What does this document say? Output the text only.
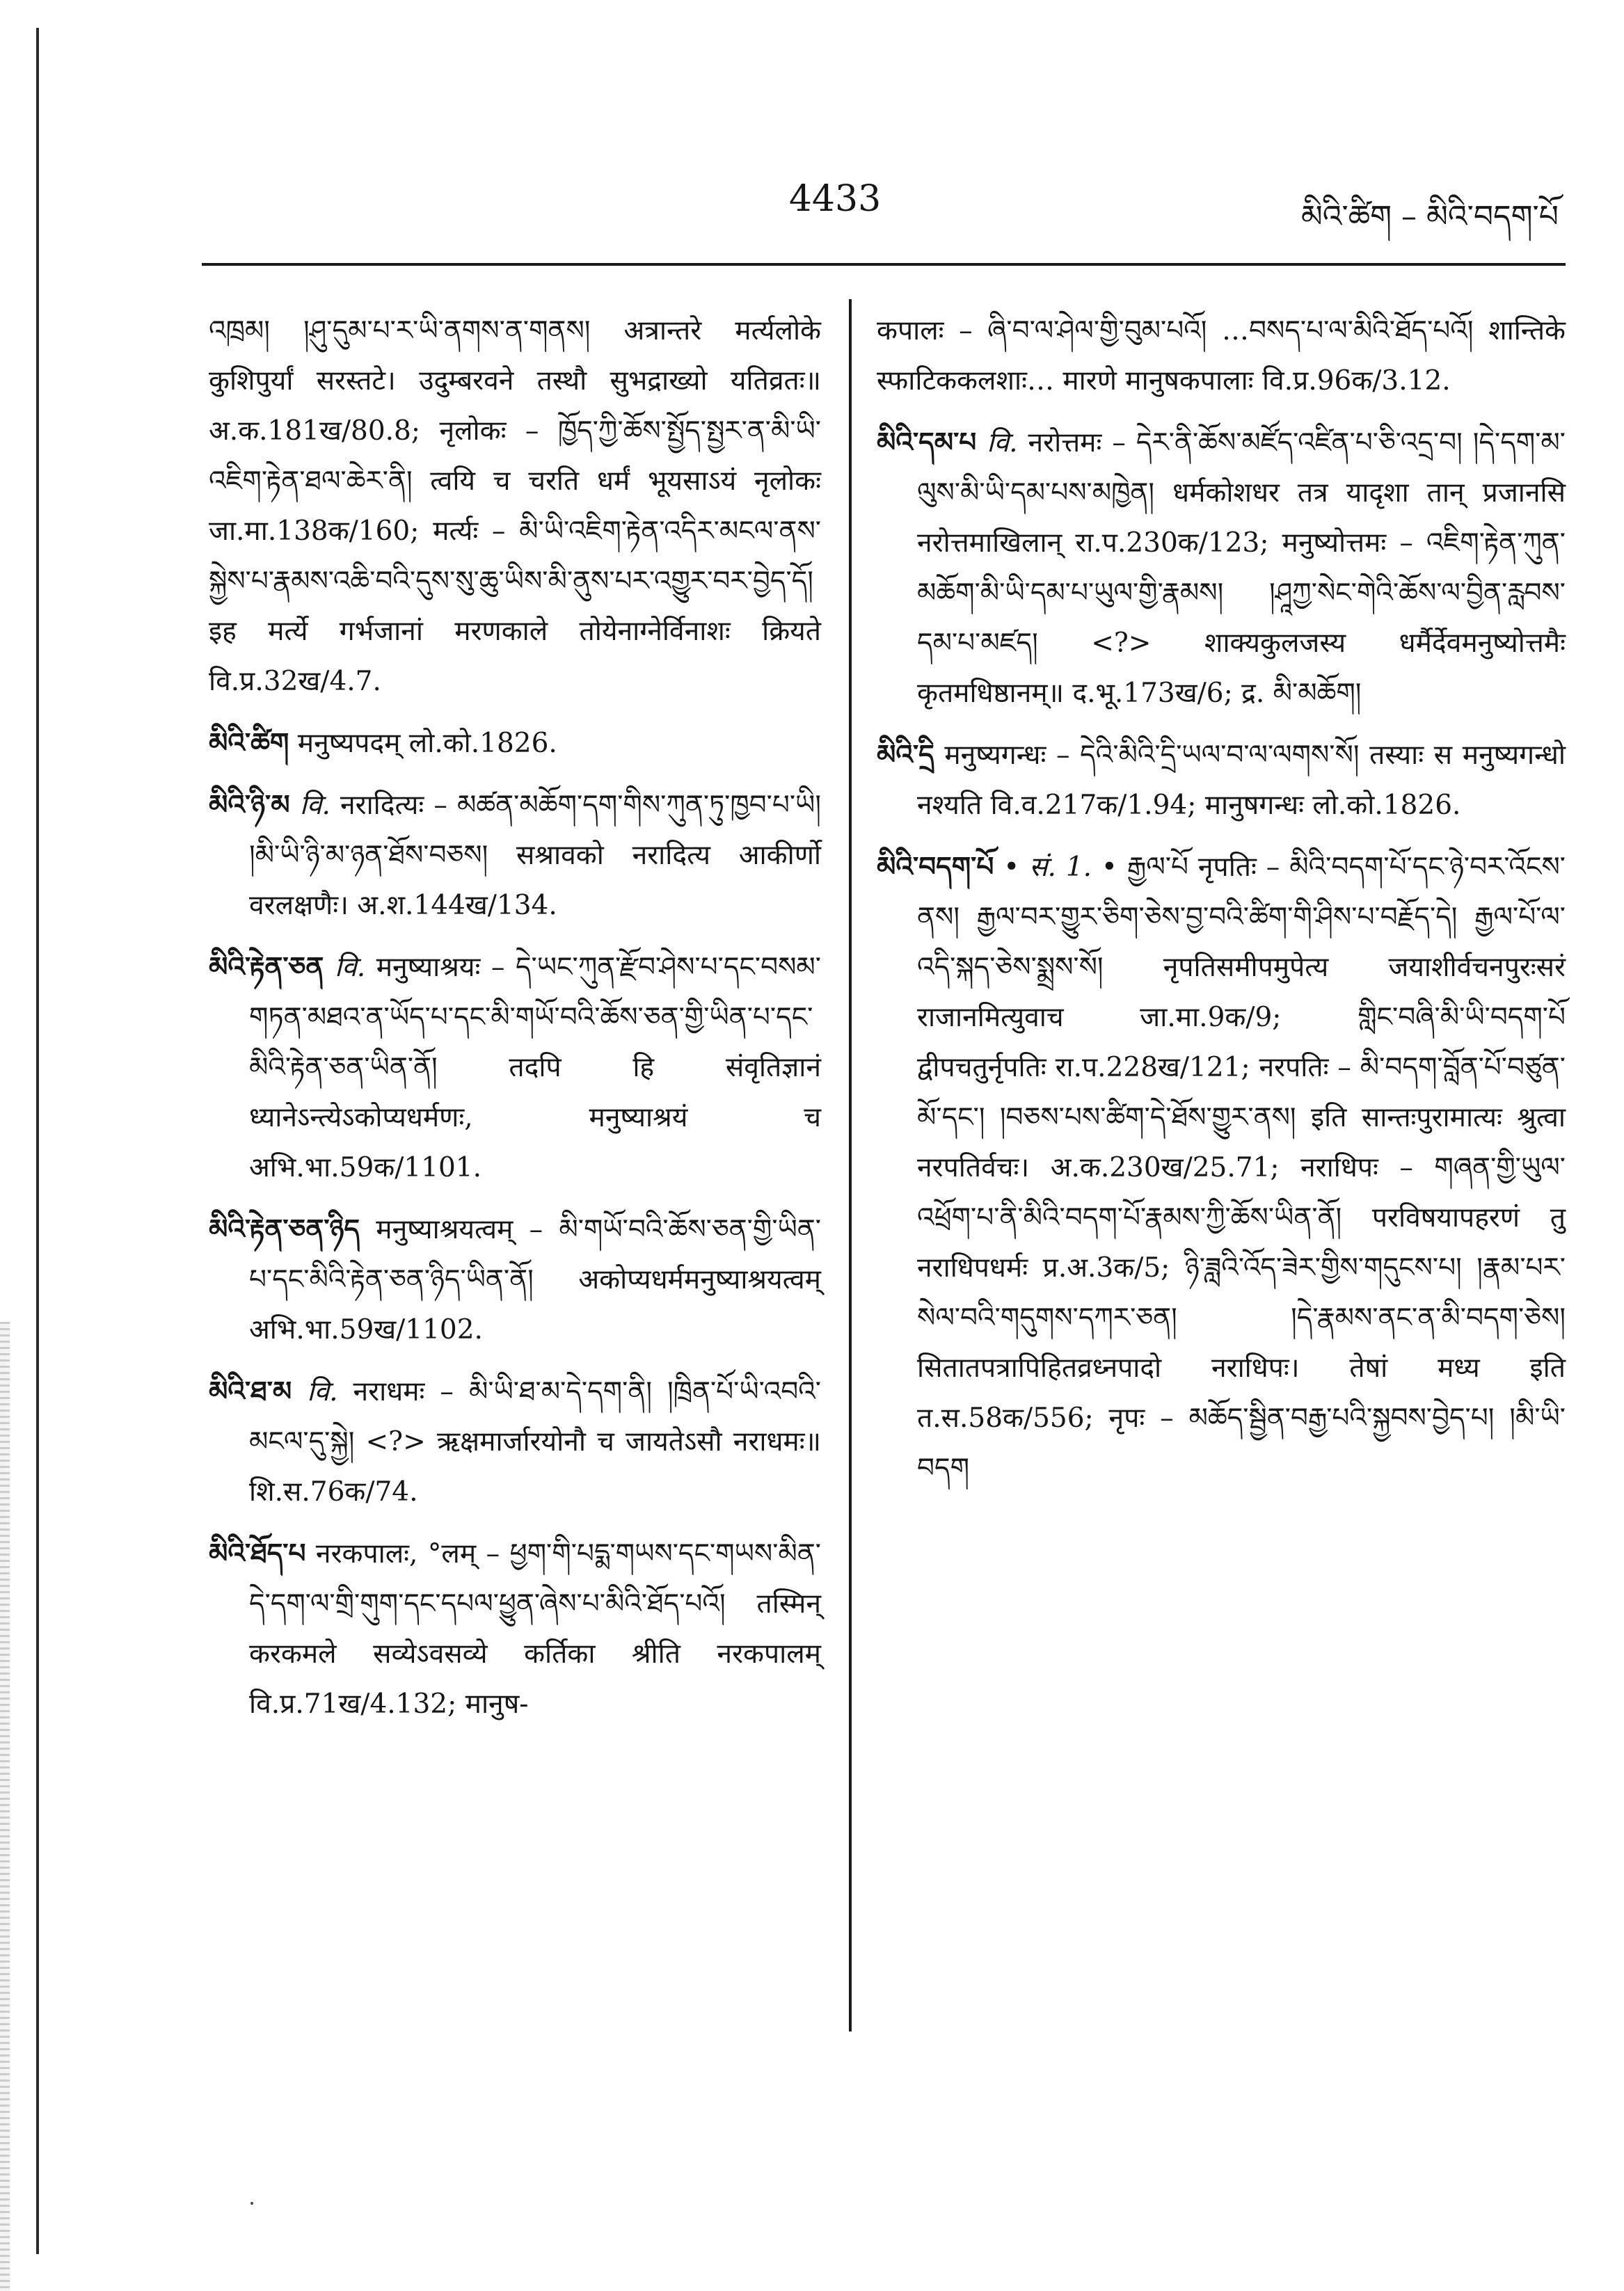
4433	མིའི་ཚིག – མིའི་བདག་པོ
འཁྲམ། །ཤུ་དུམ་པ་ར་ཡི་ནགས་ན་གནས། अत्रान्तरे मर्त्यलोके कुशिपुर्यां सरस्तटे। उदुम्बरवने तस्थौ सुभद्राख्यो यतिव्रतः॥ अ.क.181ख/80.8; नृलोकः – ཁྱོད་ཀྱི་ཆོས་སྤྱོད་སྤྱར་ན་མི་ཡི་འཇིག་རྟེན་ཐལ་ཆེར་ནི། त्वयि च चरति धर्मं भूयसाऽयं नृलोकः जा.मा.138क/160; मर्त्यः – མི་ཡི་འཇིག་རྟེན་འདིར་མངལ་ནས་སྐྱེས་པ་རྣམས་འཆི་བའི་དུས་སུ་ཆུ་ཡིས་མི་ནུས་པར་འགྱུར་བར་བྱེད་དོ། इह मर्त्ये गर्भजानां मरणकाले तोयेनाग्नेर्विनाशः क्रियते वि.प्र.32ख/4.7.
མིའི་ཚིག मनुष्यपदम् लो.को.1826.
མིའི་ཉི་མ वि. नरादित्यः – མཚན་མཆོག་དག་གིས་ཀུན་ཏུ་ཁྱབ་པ་ཡི། །མི་ཡི་ཉི་མ་ཉན་ཐོས་བཅས། सश्रावको नरादित्य आकीर्णो वरलक्षणैः। अ.श.144ख/134.
མིའི་རྟེན་ཅན वि. मनुष्याश्रयः – དེ་ཡང་ཀུན་རྫོབ་ཤེས་པ་དང་བསམ་གཏན་མཐའ་ན་ཡོད་པ་དང་མི་གཡོ་བའི་ཆོས་ཅན་གྱི་ཡིན་པ་དང་མིའི་རྟེན་ཅན་ཡིན་ནོ། तदपि हि संवृतिज्ञानं ध्यानेऽन्त्येऽकोप्यधर्मणः, मनुष्याश्रयं च अभि.भा.59क/1101.
མིའི་རྟེན་ཅན་ཉིད मनुष्याश्रयत्वम् – མི་གཡོ་བའི་ཆོས་ཅན་གྱི་ཡིན་པ་དང་མིའི་རྟེན་ཅན་ཉིད་ཡིན་ནོ། अकोप्यधर्ममनुष्याश्रयत्वम् अभि.भा.59ख/1102.
མིའི་ཐ་མ वि. नराधमः – མི་ཡི་ཐ་མ་དེ་དག་ནི། །ཁྲིན་པོ་ཡི་འབའི་མངལ་དུ་སྐྱེ། <?> ऋक्षमार्जारयोनौ च जायतेऽसौ नराधमः॥ शि.स.76क/74.
མིའི་ཐོད་པ नरकपालः, °लम् – ཕྱག་གི་པདྨ་གཡས་དང་གཡས་མིན་དེ་དག་ལ་གྲི་གུག་དང་དཔལ་ཕྱུན་ཞེས་པ་མིའི་ཐོད་པའོ། तस्मिन् करकमले सव्येऽवसव्ये कर्तिका श्रीति नरकपालम् वि.प्र.71ख/4.132; मानुष-
कपालः – ཞི་བ་ལ་ཤེལ་གྱི་བུམ་པའོ། …བསད་པ་ལ་མིའི་ཐོད་པའོ། शान्तिके स्फाटिककलशाः… मारणे मानुषकपालाः वि.प्र.96क/3.12.
མིའི་དམ་པ वि. नरोत्तमः – དེར་ནི་ཆོས་མཛོད་འཛིན་པ་ཅི་འདྲ་བ། །དེ་དག་མ་ལུས་མི་ཡི་དམ་པས་མཁྱེན། धर्मकोशधर तत्र यादृशा तान् प्रजानसि नरोत्तमाखिलान् रा.प.230क/123; मनुष्योत्तमः – འཇིག་རྟེན་ཀུན་མཆོག་མི་ཡི་དམ་པ་ཡུལ་གྱི་རྣམས། །ཤཱཀྱ་སེང་གེའི་ཆོས་ལ་བྱིན་རླབས་དམ་པ་མཛད། <?> शाक्यकुलजस्य धर्मैर्देवमनुष्योत्तमैः कृतमधिष्ठानम्॥ द.भू.173ख/6; द्र. མི་མཆོག།
མིའི་དྲི मनुष्यगन्धः – དེའི་མིའི་དྲི་ཡལ་བ་ལ་ལགས་སོ། तस्याः स मनुष्यगन्धो नश्यति वि.व.217क/1.94; मानुषगन्धः लो.को.1826.
མིའི་བདག་པོ • सं. 1. • རྒྱལ་པོ नृपतिः – མིའི་བདག་པོ་དང་ཉེ་བར་འོངས་ནས། རྒྱལ་བར་གྱུར་ཅིག་ཅེས་བྱ་བའི་ཚིག་གི་ཤིས་པ་བརྗོད་དེ། རྒྱལ་པོ་ལ་འདི་སྐད་ཅེས་སྨྲས་སོ། नृपतिसमीपमुपेत्य जयाशीर्वचनपुरःसरं राजानमित्युवाच जा.मा.9क/9; གླིང་བཞི་མི་ཡི་བདག་པོ द्वीपचतुर्नृपतिः रा.प.228ख/121; नरपतिः – མི་བདག་བློན་པོ་བཙུན་མོ་དང་། །བཅས་པས་ཚིག་དེ་ཐོས་གྱུར་ནས། इति सान्तःपुरामात्यः श्रुत्वा नरपतिर्वचः। अ.क.230ख/25.71; नराधिपः – གཞན་གྱི་ཡུལ་འཕྲོག་པ་ནི་མིའི་བདག་པོ་རྣམས་ཀྱི་ཆོས་ཡིན་ནོ། परविषयापहरणं तु नराधिपधर्मः प्र.अ.3क/5; ཉི་ཟླའི་འོད་ཟེར་གྱིས་གདུངས་པ། །རྣམ་པར་སེལ་བའི་གདུགས་དཀར་ཅན། །དེ་རྣམས་ནང་ན་མི་བདག་ཅེས། सितातपत्रापिहितव्रध्नपादो नराधिपः। तेषां मध्य इति त.स.58क/556; नृपः – མཆོད་སྦྱིན་བརྒྱ་པའི་སྐྱབས་བྱེད་པ། །མི་ཡི་བདག
